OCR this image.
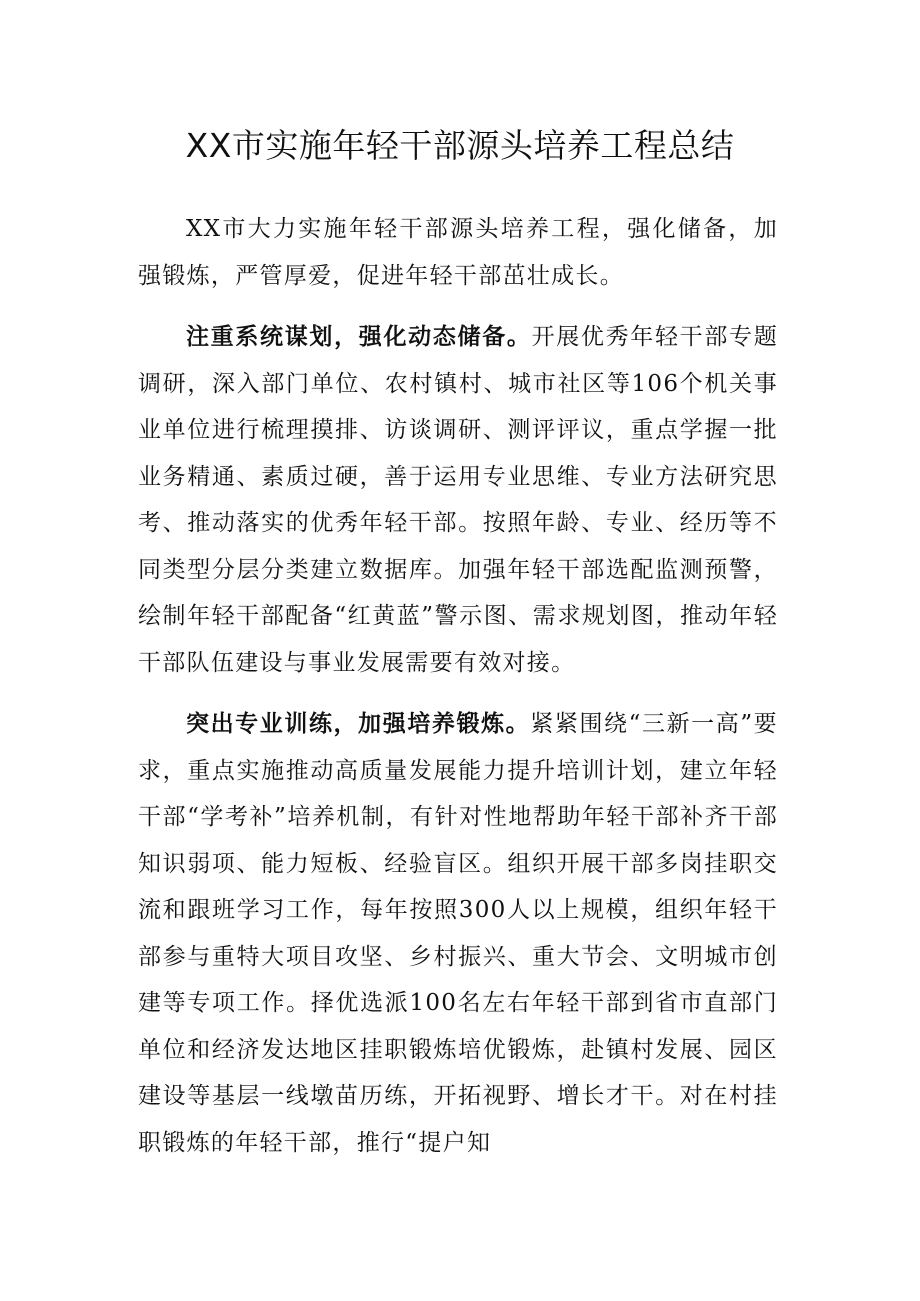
XX市实施年轻干部源头培养工程总结

XX市大力实施年轻干部源头培养工程，强化储备，加强锻炼，严管厚爱，促进年轻干部茁壮成长。

注重系统谋划，强化动态储备。开展优秀年轻干部专题调研，深入部门单位、农村镇村、城市社区等106个机关事业单位进行梳理摸排、访谈调研、测评评议，重点学握一批业务精通、素质过硬，善于运用专业思维、专业方法研究思考、推动落实的优秀年轻干部。按照年龄、专业、经历等不同类型分层分类建立数据库。加强年轻干部选配监测预警，绘制年轻干部配备“红黄蓝”警示图、需求规划图，推动年轻干部队伍建设与事业发展需要有效对接。

突出专业训练，加强培养锻炼。紧紧围绕“三新一高”要求，重点实施推动高质量发展能力提升培训计划，建立年轻干部“学考补”培养机制，有针对性地帮助年轻干部补齐干部知识弱项、能力短板、经验盲区。组织开展干部多岗挂职交流和跟班学习工作，每年按照300人以上规模，组织年轻干部参与重特大项目攻坚、乡村振兴、重大节会、文明城市创建等专项工作。择优选派100名左右年轻干部到省市直部门单位和经济发达地区挂职锻炼培优锻炼，赴镇村发展、园区建设等基层一线墩苗历练，开拓视野、增长才干。对在村挂职锻炼的年轻干部，推行“提户知
